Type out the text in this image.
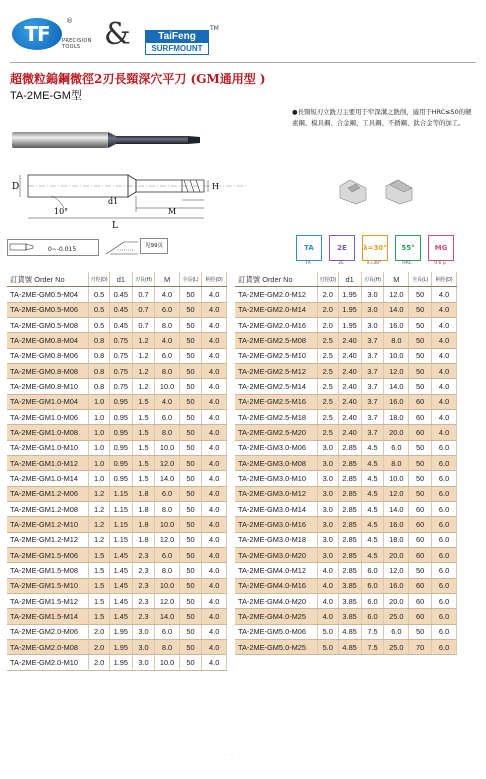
TF
®
PRECISION
TOOLS &	TaiFeng
SURFMOUNT
TM
超微粒鎢鋼微徑2刃長頸深穴平刀 (GM通用型 )
TA-2ME-GM型
●長頸短刃立銑刀主要用于窄深溝之銑削，適用于HRC≤50的硬素鋼、模具鋼、合金鋼、工具鋼、不銹鋼、鈦合金等的加工。
D
d1
H
M
L
10°
0~-0.015	见99页	TA
TA
2E
2E
λ=30°
λ=30°
55°
HRC
MG
0.6 μ
訂貨號 Order No	刃徑(D)	d1	刃長(H)	M	全長(L)	柄徑(D)
TA-2ME-GM0.5-M04	0.5	0.45	0.7	4.0	50	4.0
TA-2ME-GM0.5-M06	0.5	0.45	0.7	6.0	50	4.0
TA-2ME-GM0.5-M08	0.5	0.45	0.7	8.0	50	4.0
TA-2ME-GM0.8-M04	0.8	0.75	1.2	4.0	50	4.0
TA-2ME-GM0.8-M06	0.8	0.75	1.2	6.0	50	4.0
TA-2ME-GM0.8-M08	0.8	0.75	1.2	8.0	50	4.0
TA-2ME-GM0.8-M10	0.8	0.75	1.2	10.0	50	4.0
TA-2ME-GM1.0-M04	1.0	0.95	1.5	4.0	50	4.0
TA-2ME-GM1.0-M06	1.0	0.95	1.5	6.0	50	4.0
TA-2ME-GM1.0-M08	1.0	0.95	1.5	8.0	50	4.0
TA-2ME-GM1.0-M10	1.0	0.95	1.5	10.0	50	4.0
TA-2ME-GM1.0-M12	1.0	0.95	1.5	12.0	50	4.0
TA-2ME-GM1.0-M14	1.0	0.95	1.5	14.0	50	4.0
TA-2ME-GM1.2-M06	1.2	1.15	1.8	6.0	50	4.0
TA-2ME-GM1.2-M08	1.2	1.15	1.8	8.0	50	4.0
TA-2ME-GM1.2-M10	1.2	1.15	1.8	10.0	50	4.0
TA-2ME-GM1.2-M12	1.2	1.15	1.8	12.0	50	4.0
TA-2ME-GM1.5-M06	1.5	1.45	2.3	6.0	50	4.0
TA-2ME-GM1.5-M08	1.5	1.45	2.3	8.0	50	4.0
TA-2ME-GM1.5-M10	1.5	1.45	2.3	10.0	50	4.0
TA-2ME-GM1.5-M12	1.5	1.45	2.3	12.0	50	4.0
TA-2ME-GM1.5-M14	1.5	1.45	2.3	14.0	50	4.0
TA-2ME-GM2.0-M06	2.0	1.95	3.0	6.0	50	4.0
TA-2ME-GM2.0-M08	2.0	1.95	3.0	8.0	50	4.0
TA-2ME-GM2.0-M10	2.0	1.95	3.0	10.0	50	4.0
訂貨號 Order No	刃徑(D)	d1	刃長(H)	M	全長(L)	柄徑(D)
TA-2ME-GM2.0-M12	2.0	1.95	3.0	12.0	50	4.0
TA-2ME-GM2.0-M14	2.0	1.95	3.0	14.0	50	4.0
TA-2ME-GM2.0-M16	2.0	1.95	3.0	16.0	50	4.0
TA-2ME-GM2.5-M08	2.5	2.40	3.7	8.0	50	4.0
TA-2ME-GM2.5-M10	2.5	2.40	3.7	10.0	50	4.0
TA-2ME-GM2.5-M12	2.5	2.40	3.7	12.0	50	4.0
TA-2ME-GM2.5-M14	2.5	2.40	3.7	14.0	50	4.0
TA-2ME-GM2.5-M16	2.5	2.40	3.7	16.0	60	4.0
TA-2ME-GM2.5-M18	2.5	2.40	3.7	18.0	60	4.0
TA-2ME-GM2.5-M20	2.5	2.40	3.7	20.0	60	4.0
TA-2ME-GM3.0-M06	3.0	2.85	4.5	6.0	50	6.0
TA-2ME-GM3.0-M08	3.0	2.85	4.5	8.0	50	6.0
TA-2ME-GM3.0-M10	3.0	2.85	4.5	10.0	50	6.0
TA-2ME-GM3.0-M12	3.0	2.85	4.5	12.0	50	6.0
TA-2ME-GM3.0-M14	3.0	2.85	4.5	14.0	60	6.0
TA-2ME-GM3.0-M16	3.0	2.85	4.5	16.0	60	6.0
TA-2ME-GM3.0-M18	3.0	2.85	4.5	18.0	60	6.0
TA-2ME-GM3.0-M20	3.0	2.85	4.5	20.0	60	6.0
TA-2ME-GM4.0-M12	4.0	2.85	6.0	12.0	50	6.0
TA-2ME-GM4.0-M16	4.0	3.85	6.0	16.0	60	6.0
TA-2ME-GM4.0-M20	4.0	3.85	6.0	20.0	60	6.0
TA-2ME-GM4.0-M25	4.0	3.85	6.0	25.0	60	6.0
TA-2ME-GM5.0-M06	5.0	4.85	7.5	6.0	50	6.0
TA-2ME-GM5.0-M25	5.0	4.85	7.5	25.0	70	6.0
· · · ·
